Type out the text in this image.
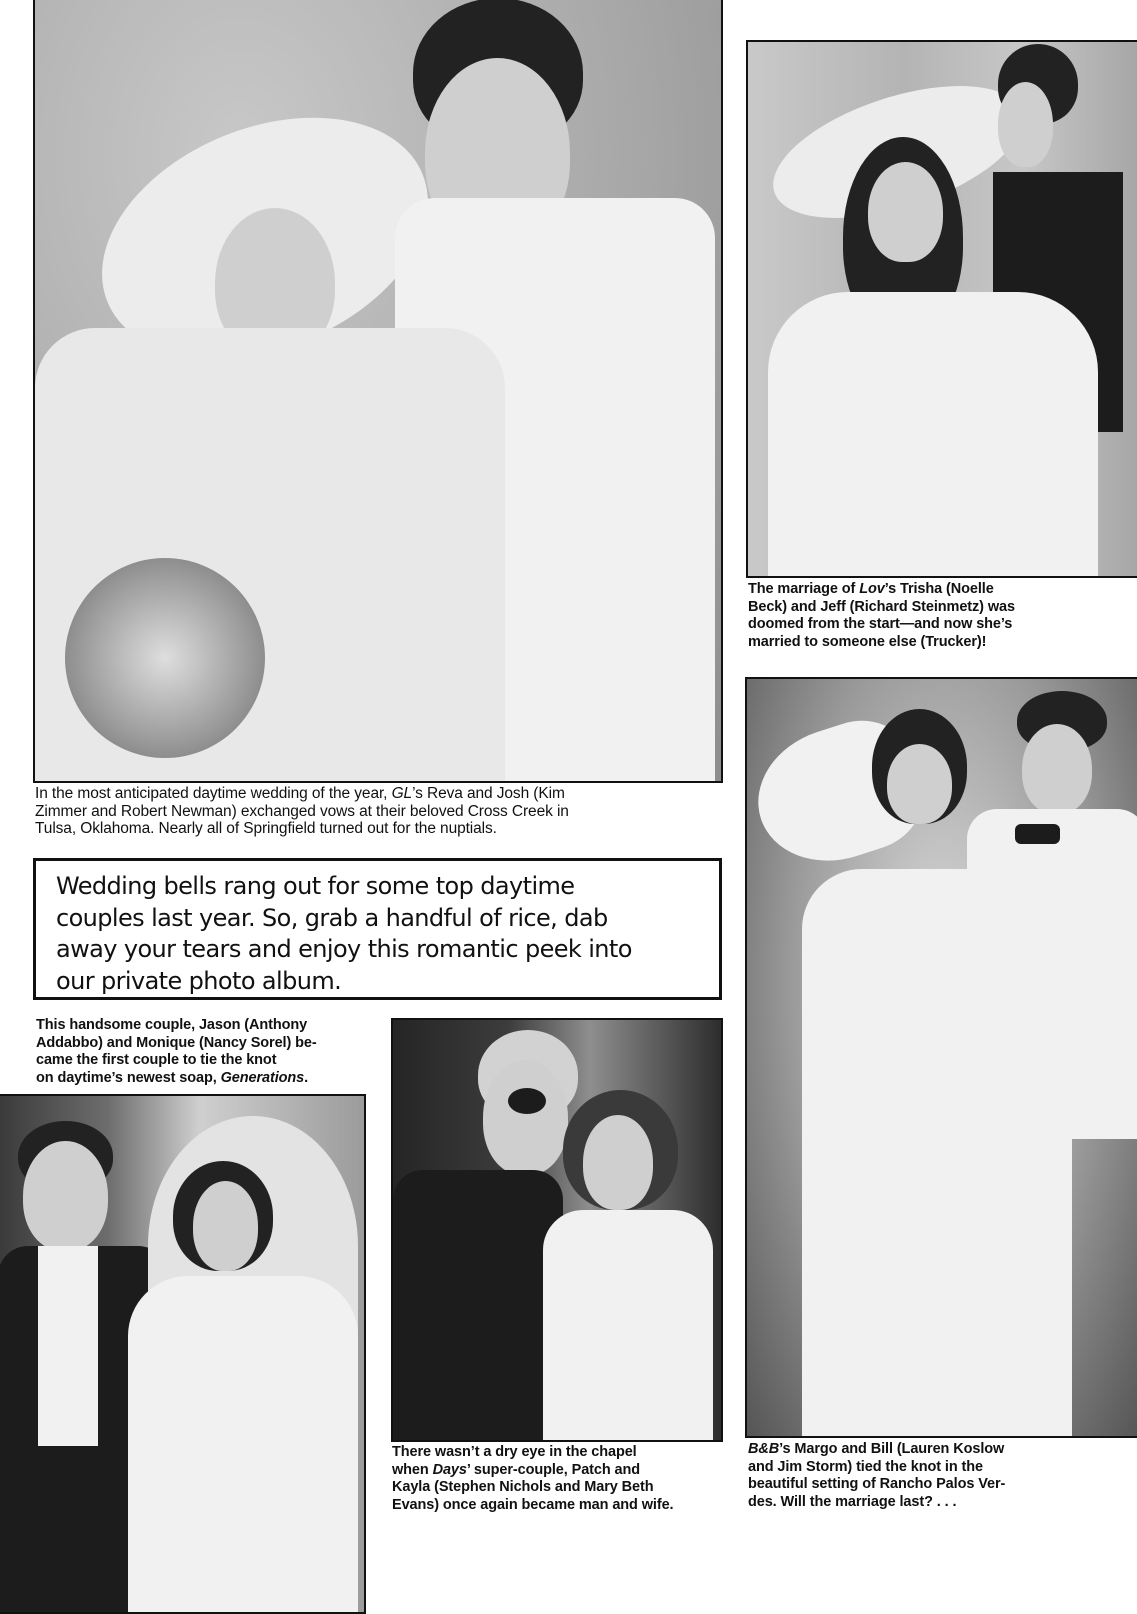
In the most anticipated daytime wedding of the year, GL’s Reva and Josh (Kim
Zimmer and Robert Newman) exchanged vows at their beloved Cross Creek in
Tulsa, Oklahoma. Nearly all of Springfield turned out for the nuptials.
The marriage of Lov’s Trisha (Noelle
Beck) and Jeff (Richard Steinmetz) was
doomed from the start—and now she’s
married to someone else (Trucker)!
Wedding bells rang out for some top daytime
couples last year. So, grab a handful of rice, dab
away your tears and enjoy this romantic peek into
our private photo album.
B&B’s Margo and Bill (Lauren Koslow
and Jim Storm) tied the knot in the
beautiful setting of Rancho Palos Ver-
des. Will the marriage last? . . .
This handsome couple, Jason (Anthony
Addabbo) and Monique (Nancy Sorel) be-
came the first couple to tie the knot
on daytime’s newest soap, Generations.
There wasn’t a dry eye in the chapel
when Days’ super-couple, Patch and
Kayla (Stephen Nichols and Mary Beth
Evans) once again became man and wife.
